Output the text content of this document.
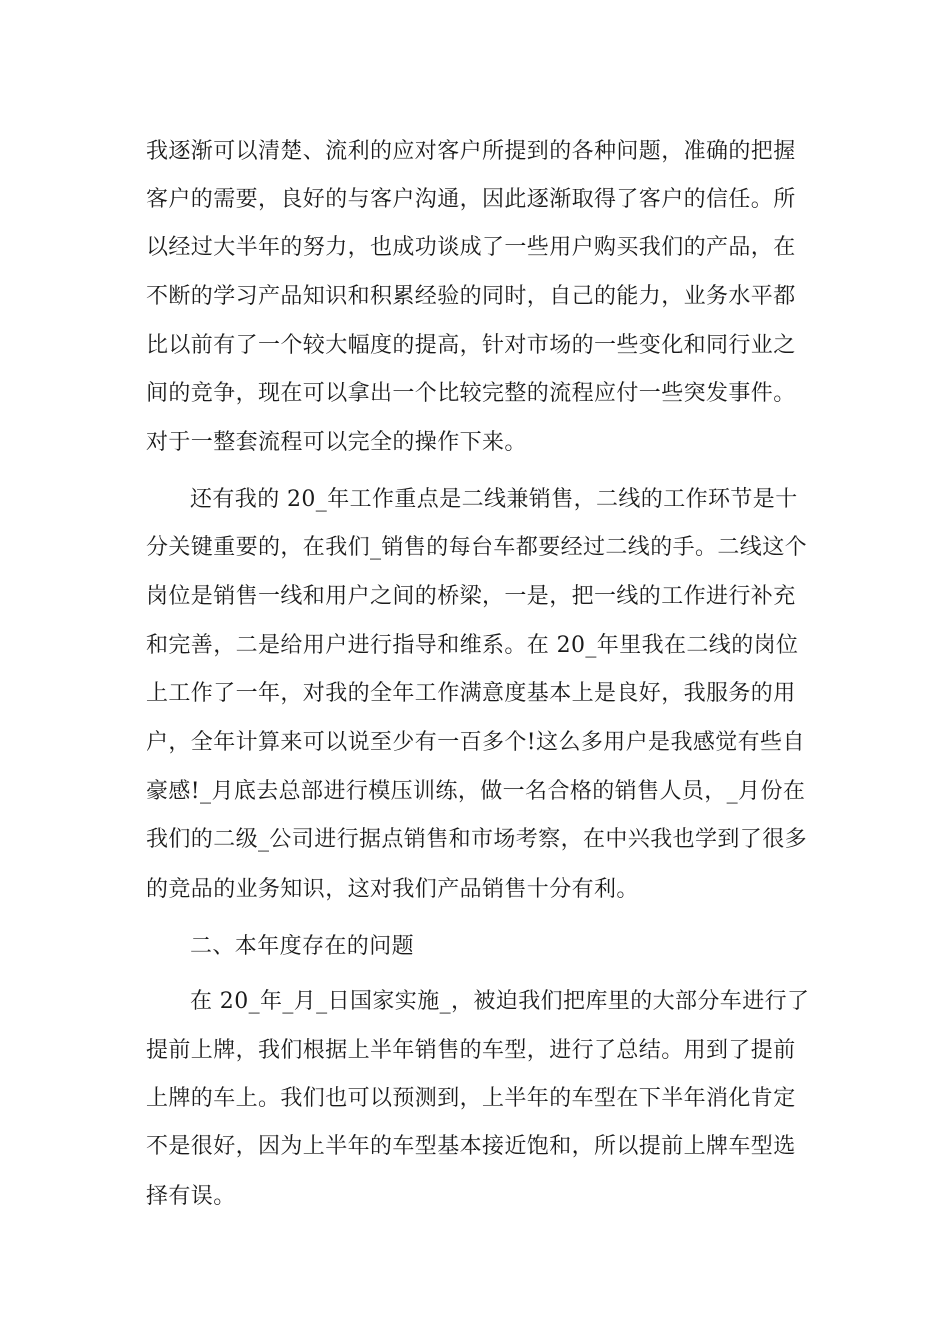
我逐渐可以清楚、流利的应对客户所提到的各种问题，准确的把握

客户的需要，良好的与客户沟通，因此逐渐取得了客户的信任。所

以经过大半年的努力，也成功谈成了一些用户购买我们的产品，在

不断的学习产品知识和积累经验的同时，自己的能力，业务水平都

比以前有了一个较大幅度的提高，针对市场的一些变化和同行业之

间的竞争，现在可以拿出一个比较完整的流程应付一些突发事件。

对于一整套流程可以完全的操作下来。

还有我的 20_年工作重点是二线兼销售，二线的工作环节是十

分关键重要的，在我们_销售的每台车都要经过二线的手。二线这个

岗位是销售一线和用户之间的桥梁，一是，把一线的工作进行补充

和完善，二是给用户进行指导和维系。在 20_年里我在二线的岗位

上工作了一年，对我的全年工作满意度基本上是良好，我服务的用

户，全年计算来可以说至少有一百多个!这么多用户是我感觉有些自

豪感!_月底去总部进行模压训练，做一名合格的销售人员，_月份在

我们的二级_公司进行据点销售和市场考察，在中兴我也学到了很多

的竞品的业务知识，这对我们产品销售十分有利。

二、本年度存在的问题

在 20_年_月_日国家实施_，被迫我们把库里的大部分车进行了

提前上牌，我们根据上半年销售的车型，进行了总结。用到了提前

上牌的车上。我们也可以预测到，上半年的车型在下半年消化肯定

不是很好，因为上半年的车型基本接近饱和，所以提前上牌车型选

择有误。
